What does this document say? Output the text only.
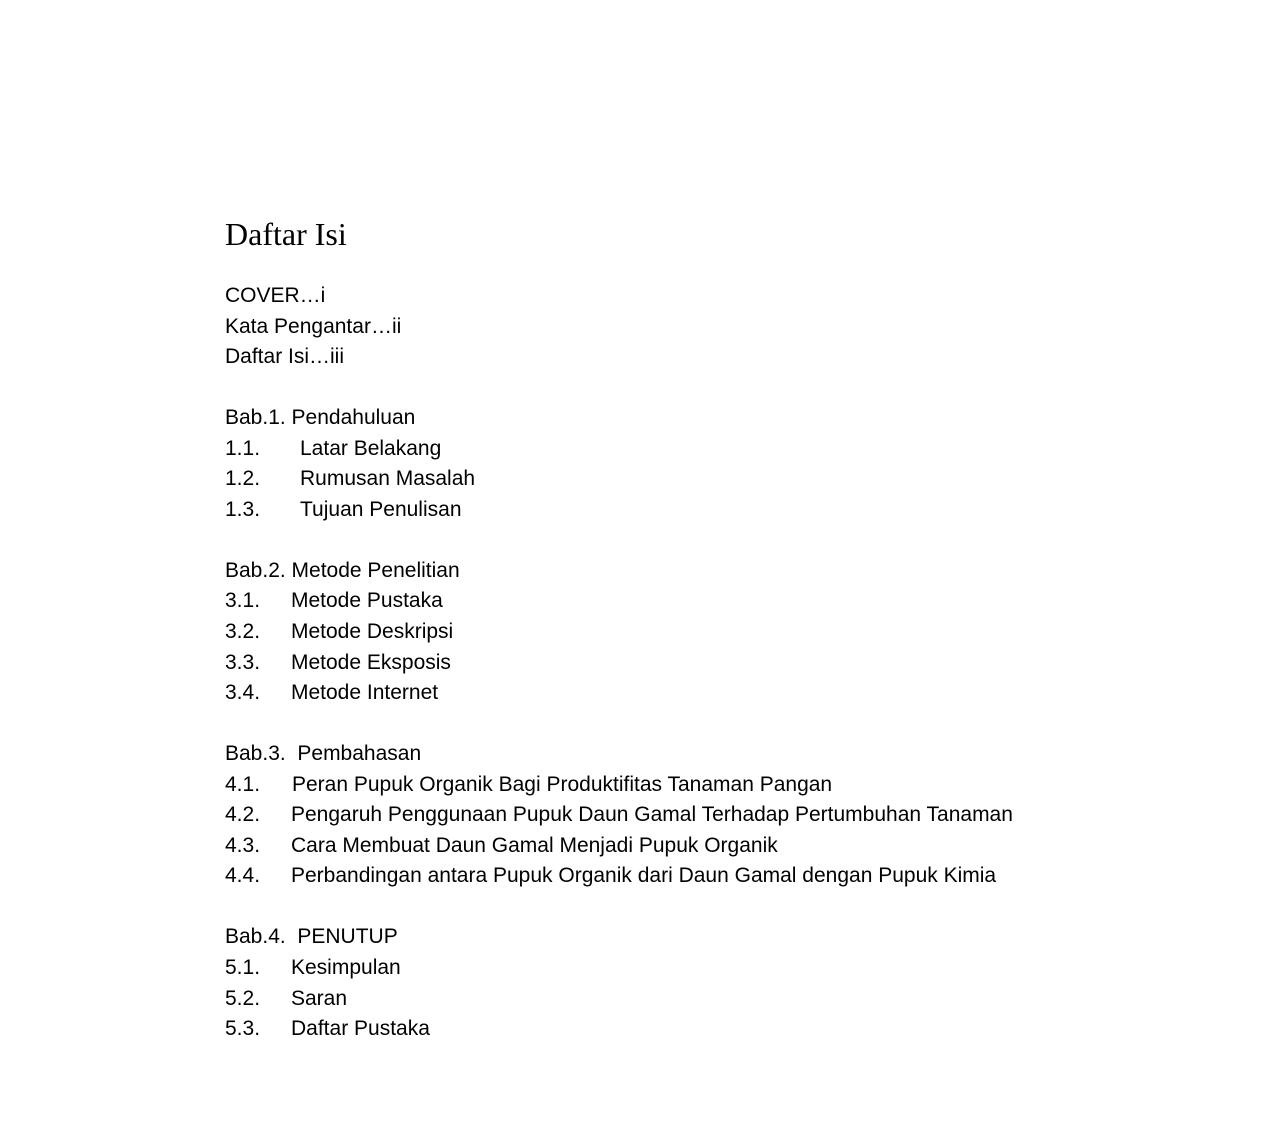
Daftar Isi
COVER…i
Kata Pengantar…ii
Daftar Isi…iii
Bab.1. Pendahuluan
1.1. Latar Belakang
1.2. Rumusan Masalah
1.3. Tujuan Penulisan
Bab.2. Metode Penelitian
3.1. Metode Pustaka
3.2. Metode Deskripsi
3.3. Metode Eksposis
3.4. Metode Internet
Bab.3.  Pembahasan
4.1. Peran Pupuk Organik Bagi Produktifitas Tanaman Pangan
4.2. Pengaruh Penggunaan Pupuk Daun Gamal Terhadap Pertumbuhan Tanaman
4.3. Cara Membuat Daun Gamal Menjadi Pupuk Organik
4.4. Perbandingan antara Pupuk Organik dari Daun Gamal dengan Pupuk Kimia
Bab.4.  PENUTUP
5.1. Kesimpulan
5.2. Saran
5.3. Daftar Pustaka
